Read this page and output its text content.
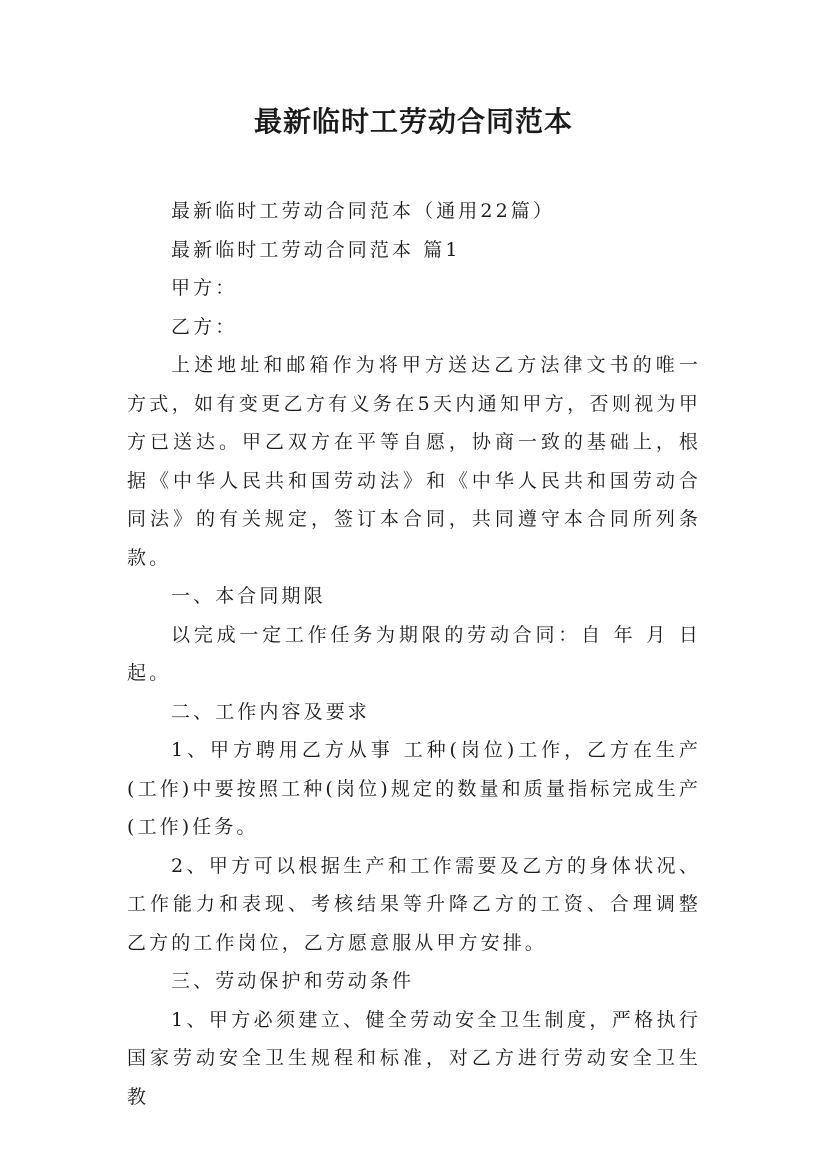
最新临时工劳动合同范本

最新临时工劳动合同范本（通用22篇）

最新临时工劳动合同范本 篇1

甲方：

乙方：

上述地址和邮箱作为将甲方送达乙方法律文书的唯一方式，如有变更乙方有义务在5天内通知甲方，否则视为甲方已送达。甲乙双方在平等自愿，协商一致的基础上，根据《中华人民共和国劳动法》和《中华人民共和国劳动合同法》的有关规定，签订本合同，共同遵守本合同所列条款。

一、本合同期限

以完成一定工作任务为期限的劳动合同：自 年 月 日起。

二、工作内容及要求

1、甲方聘用乙方从事 工种(岗位)工作，乙方在生产(工作)中要按照工种(岗位)规定的数量和质量指标完成生产(工作)任务。

2、甲方可以根据生产和工作需要及乙方的身体状况、工作能力和表现、考核结果等升降乙方的工资、合理调整乙方的工作岗位，乙方愿意服从甲方安排。

三、劳动保护和劳动条件

1、甲方必须建立、健全劳动安全卫生制度，严格执行国家劳动安全卫生规程和标准，对乙方进行劳动安全卫生教
